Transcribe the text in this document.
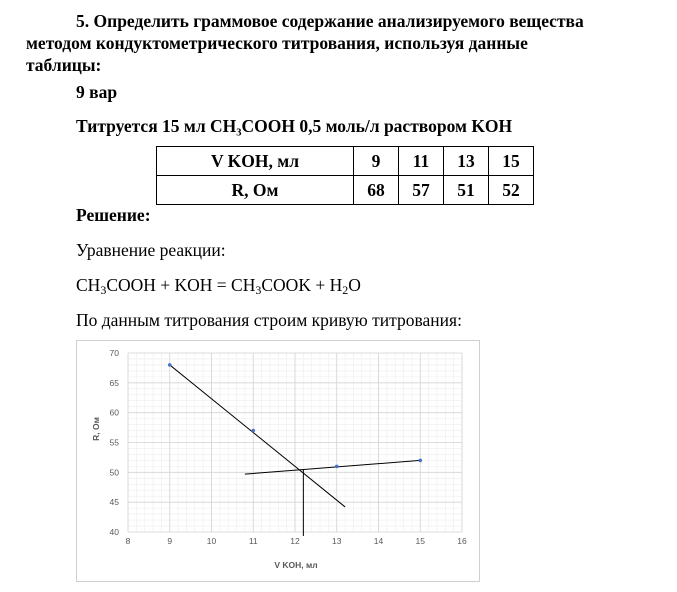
5. Определить граммовое содержание анализируемого вещества
методом кондуктометрического титрования, используя данные
таблицы:
9 вар
Титруется 15 мл CH₃COOH 0,5 моль/л раствором KOH
V KOH, мл	9	11	13	15
R, Ом	68	57	51	52
Решение:
Уравнение реакции:
$CH_3COOH$ + KOH = $CH_3COOK + H_2O$
По данным титрования строим кривую титрования:
8	9	10	11	12	13	14	15	16
40
45
50
55
60
65
70
V KOH, мл
R, Ом
